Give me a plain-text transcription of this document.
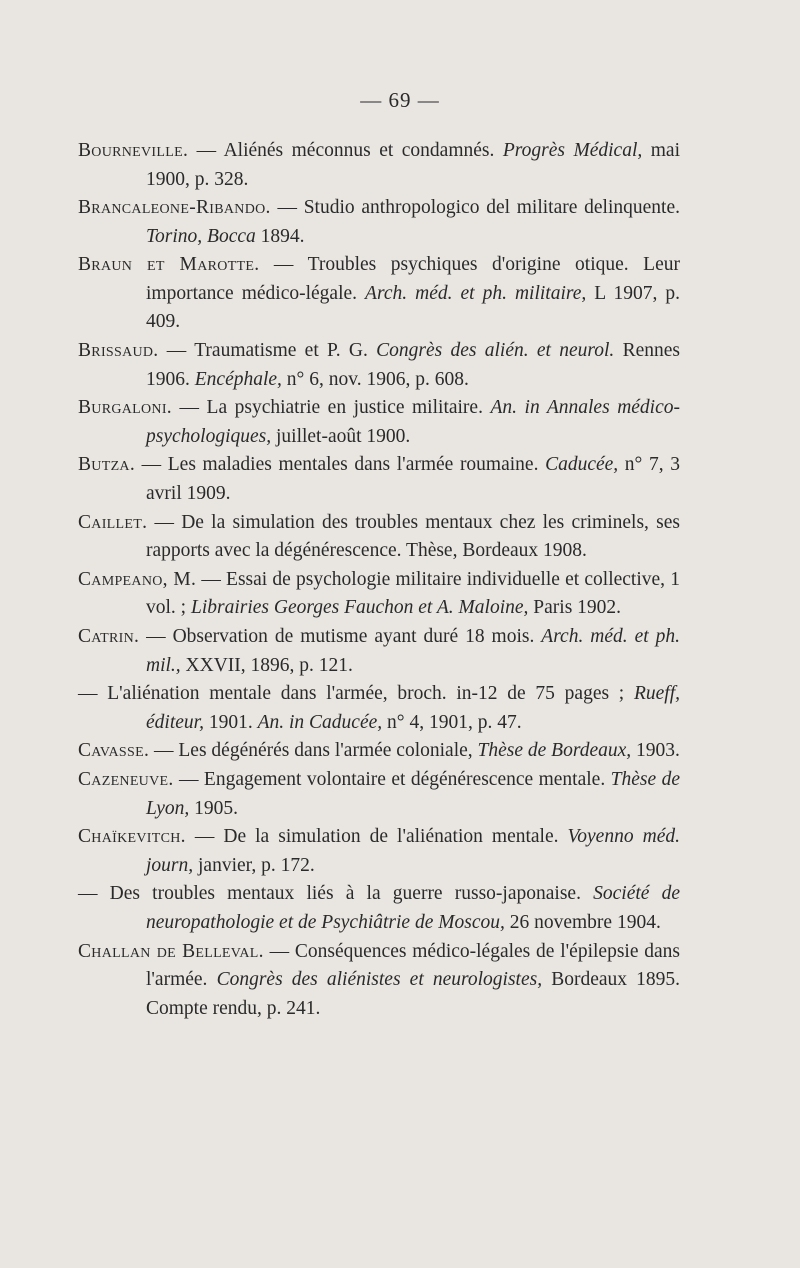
— 69 —

Bourneville. — Aliénés méconnus et condamnés. Progrès Médical, mai 1900, p. 328.

Brancaleone-Ribando. — Studio anthropologico del militare delinquente. Torino, Bocca 1894.

Braun et Marotte. — Troubles psychiques d'origine otique. Leur importance médico-légale. Arch. méd. et ph. militaire, L 1907, p. 409.

Brissaud. — Traumatisme et P. G. Congrès des alién. et neurol. Rennes 1906. Encéphale, n° 6, nov. 1906, p. 608.

Burgaloni. — La psychiatrie en justice militaire. An. in Annales médico-psychologiques, juillet-août 1900.

Butza. — Les maladies mentales dans l'armée roumaine. Caducée, n° 7, 3 avril 1909.

Caillet. — De la simulation des troubles mentaux chez les criminels, ses rapports avec la dégénérescence. Thèse, Bordeaux 1908.

Campeano, M. — Essai de psychologie militaire individuelle et collective, 1 vol. ; Librairies Georges Fauchon et A. Maloine, Paris 1902.

Catrin. — Observation de mutisme ayant duré 18 mois. Arch. méd. et ph. mil., XXVII, 1896, p. 121.

— L'aliénation mentale dans l'armée, broch. in-12 de 75 pages ; Rueff, éditeur, 1901. An. in Caducée, n° 4, 1901, p. 47.

Cavasse. — Les dégénérés dans l'armée coloniale, Thèse de Bordeaux, 1903.

Cazeneuve. — Engagement volontaire et dégénérescence mentale. Thèse de Lyon, 1905.

Chaïkevitch. — De la simulation de l'aliénation mentale. Voyenno méd. journ, janvier, p. 172.

— Des troubles mentaux liés à la guerre russo-japonaise. Société de neuropathologie et de Psychiâtrie de Moscou, 26 novembre 1904.

Challan de Belleval. — Conséquences médico-légales de l'épilepsie dans l'armée. Congrès des aliénistes et neurologistes, Bordeaux 1895. Compte rendu, p. 241.
